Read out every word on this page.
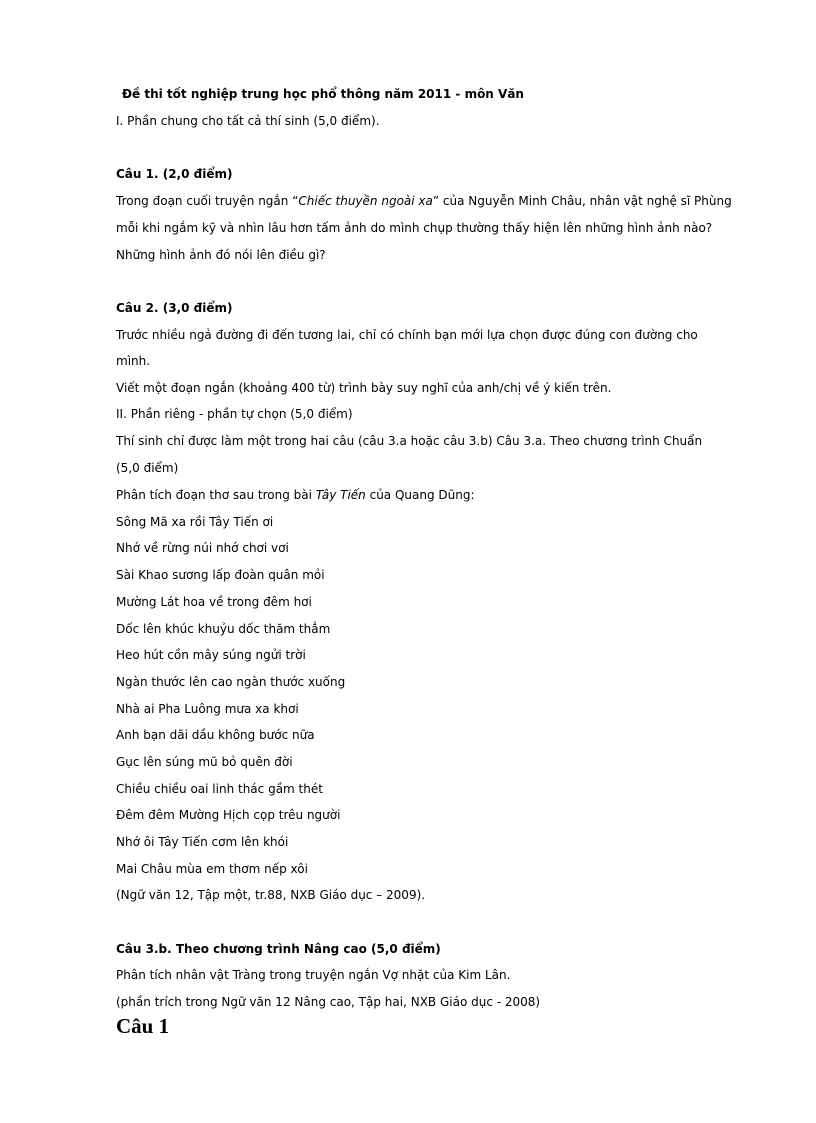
Đề thi tốt nghiệp trung học phổ thông năm 2011 - môn Văn
I. Phần chung cho tất cả thí sinh (5,0 điểm).
Câu 1. (2,0 điểm)
Trong đoạn cuối truyện ngắn “Chiếc thuyền ngoài xa” của Nguyễn Minh Châu, nhân vật nghệ sĩ Phùng
mỗi khi ngắm kỹ và nhìn lâu hơn tấm ảnh do mình chụp thường thấy hiện lên những hình ảnh nào?
Những hình ảnh đó nói lên điều gì?
Câu 2. (3,0 điểm)
Trước nhiều ngả đường đi đến tương lai, chỉ có chính bạn mới lựa chọn được đúng con đường cho
mình.
Viết một đoạn ngắn (khoảng 400 từ) trình bày suy nghĩ của anh/chị về ý kiến trên.
II. Phần riêng - phần tự chọn (5,0 điểm)
Thí sinh chỉ được làm một trong hai câu (câu 3.a hoặc câu 3.b) Câu 3.a. Theo chương trình Chuẩn
(5,0 điểm)
Phân tích đoạn thơ sau trong bài Tây Tiến của Quang Dũng:
Sông Mã xa rồi Tây Tiến ơi
Nhớ về rừng núi nhớ chơi vơi
Sài Khao sương lấp đoàn quân mỏi
Mường Lát hoa về trong đêm hơi
Dốc lên khúc khuỷu dốc thăm thẳm
Heo hút cồn mây súng ngửi trời
Ngàn thước lên cao ngàn thước xuống
Nhà ai Pha Luông mưa xa khơi
Anh bạn dãi dầu không bước nữa
Gục lên súng mũ bỏ quên đời
Chiều chiều oai linh thác gầm thét
Đêm đêm Mường Hịch cọp trêu người
Nhớ ôi Tây Tiến cơm lên khói
Mai Châu mùa em thơm nếp xôi
(Ngữ văn 12, Tập một, tr.88, NXB Giáo dục – 2009).
Câu 3.b. Theo chương trình Nâng cao (5,0 điểm)
Phân tích nhân vật Tràng trong truyện ngắn Vợ nhặt của Kim Lân.
(phần trích trong Ngữ văn 12 Nâng cao, Tập hai, NXB Giáo dục - 2008)
Câu 1
